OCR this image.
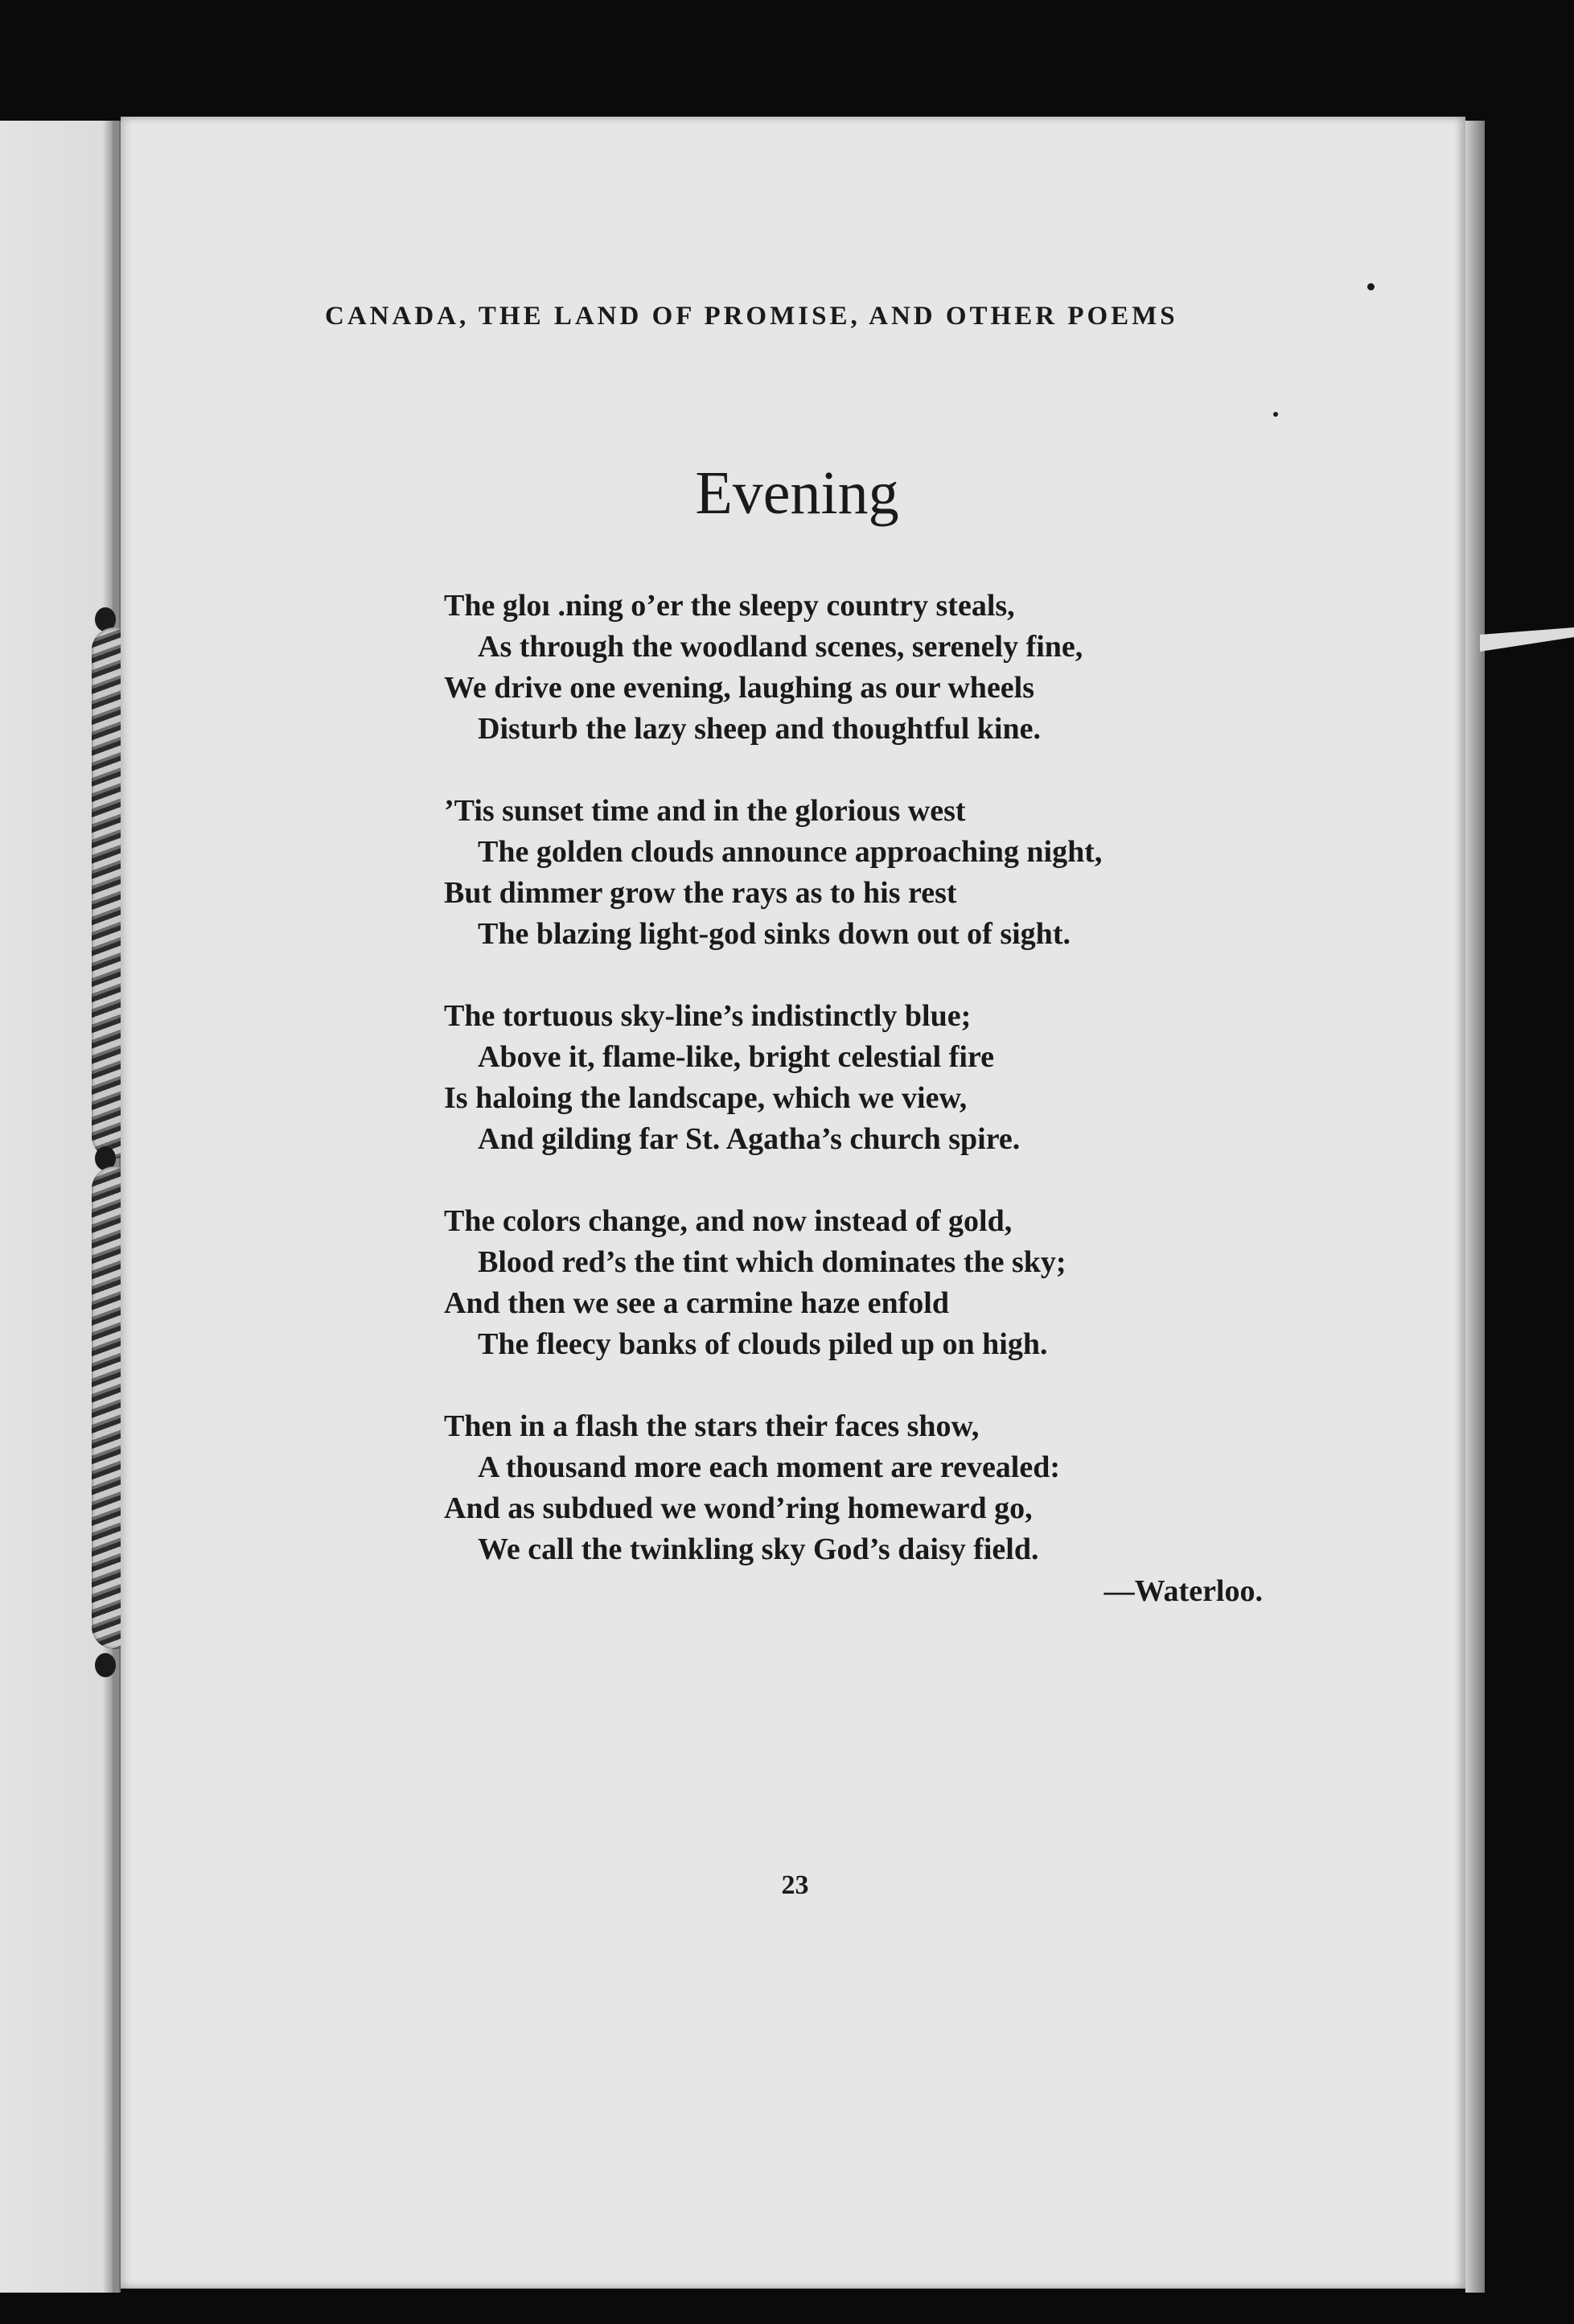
CANADA, THE LAND OF PROMISE, AND OTHER POEMS
Evening
The gloı .ning o’er the sleepy country steals,
As through the woodland scenes, serenely fine,
We drive one evening, laughing as our wheels
Disturb the lazy sheep and thoughtful kine.
’Tis sunset time and in the glorious west
The golden clouds announce approaching night,
But dimmer grow the rays as to his rest
The blazing light-god sinks down out of sight.
The tortuous sky-line’s indistinctly blue;
Above it, flame-like, bright celestial fire
Is haloing the landscape, which we view,
And gilding far St. Agatha’s church spire.
The colors change, and now instead of gold,
Blood red’s the tint which dominates the sky;
And then we see a carmine haze enfold
The fleecy banks of clouds piled up on high.
Then in a flash the stars their faces show,
A thousand more each moment are revealed:
And as subdued we wond’ring homeward go,
We call the twinkling sky God’s daisy field.
—Waterloo.
23
